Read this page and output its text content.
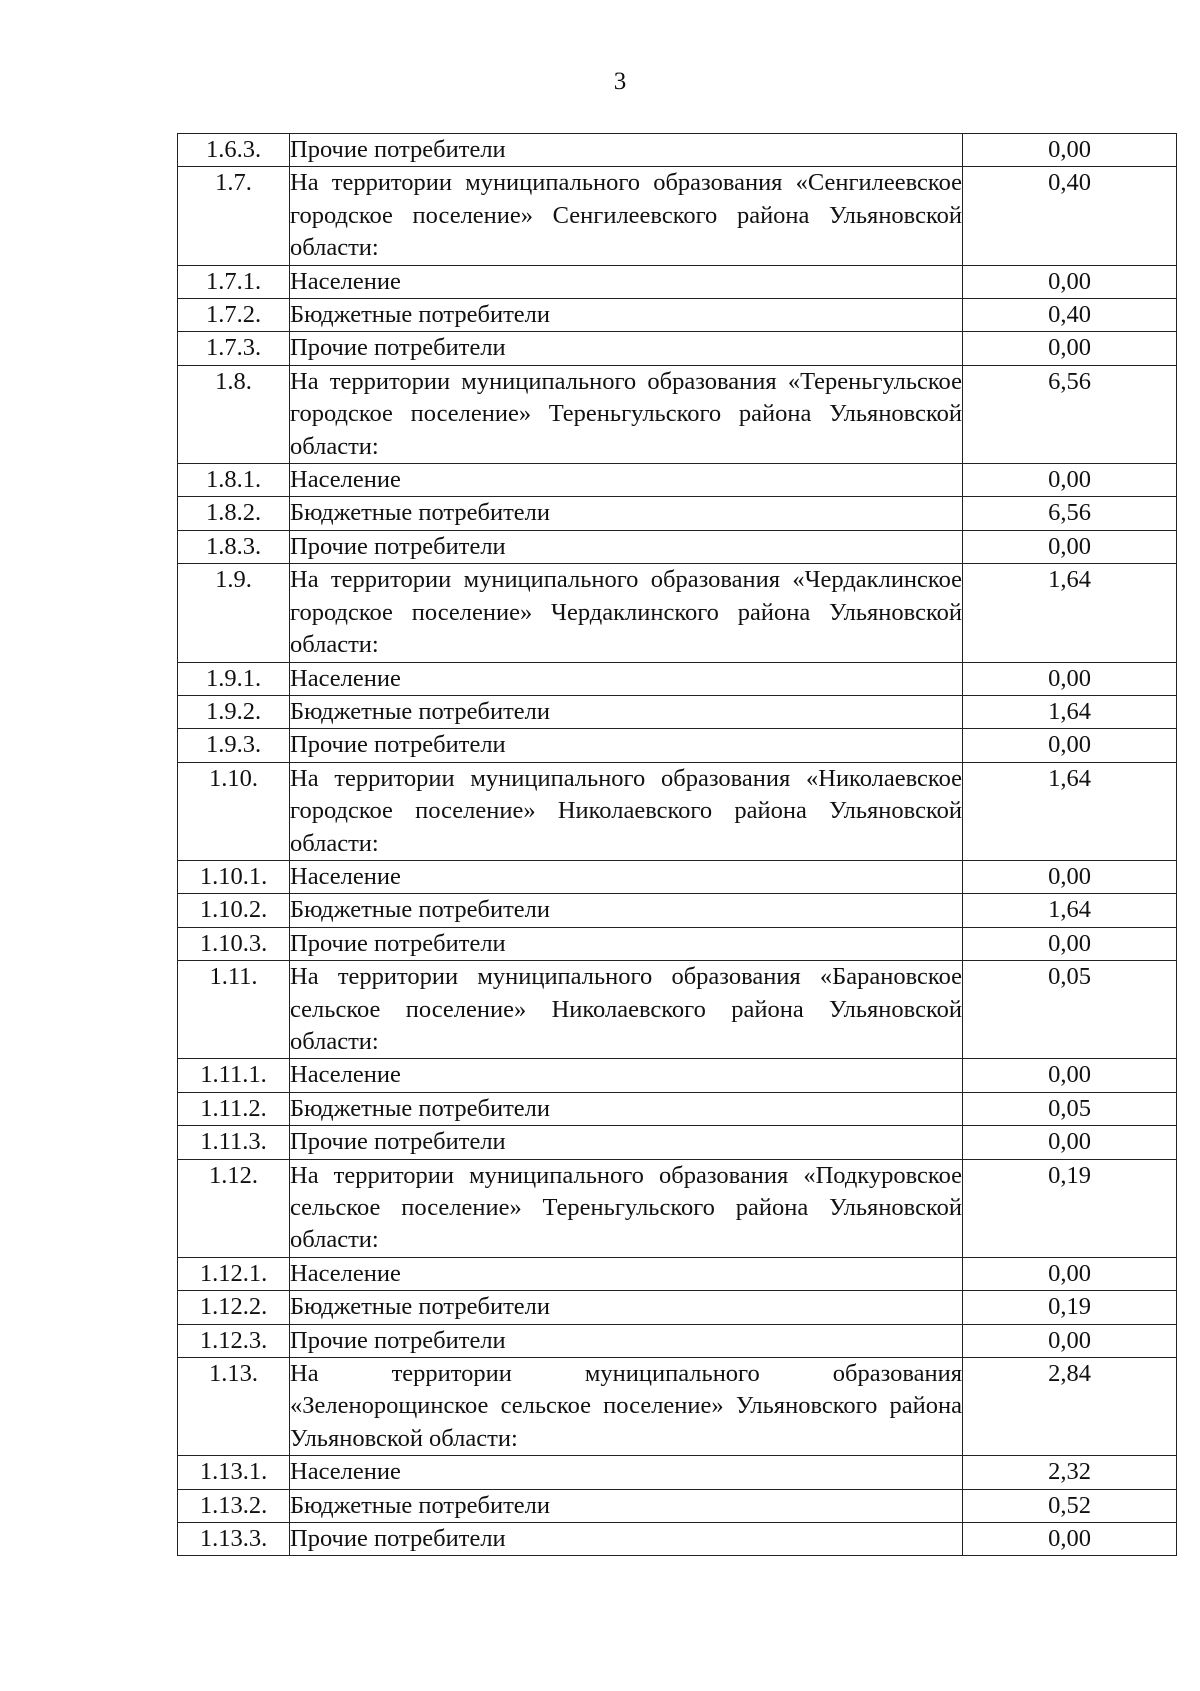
3
1.6.3.	Прочие потребители	0,00
1.7.	На территории муниципального образования «Сенгилеевское городское поселение» Сенгилеевского района Ульяновской области:	0,40
1.7.1.	Население	0,00
1.7.2.	Бюджетные потребители	0,40
1.7.3.	Прочие потребители	0,00
1.8.	На территории муниципального образования «Тереньгульское городское поселение» Тереньгульского района Ульяновской области:	6,56
1.8.1.	Население	0,00
1.8.2.	Бюджетные потребители	6,56
1.8.3.	Прочие потребители	0,00
1.9.	На территории муниципального образования «Чердаклинское городское поселение» Чердаклинского района Ульяновской области:	1,64
1.9.1.	Население	0,00
1.9.2.	Бюджетные потребители	1,64
1.9.3.	Прочие потребители	0,00
1.10.	На территории муниципального образования «Николаевское городское поселение» Николаевского района Ульяновской области:	1,64
1.10.1.	Население	0,00
1.10.2.	Бюджетные потребители	1,64
1.10.3.	Прочие потребители	0,00
1.11.	На территории муниципального образования «Барановское сельское поселение» Николаевского района Ульяновской области:	0,05
1.11.1.	Население	0,00
1.11.2.	Бюджетные потребители	0,05
1.11.3.	Прочие потребители	0,00
1.12.	На территории муниципального образования «Подкуровское сельское поселение» Тереньгульского района Ульяновской области:	0,19
1.12.1.	Население	0,00
1.12.2.	Бюджетные потребители	0,19
1.12.3.	Прочие потребители	0,00
1.13.	На территории муниципального образования «Зеленорощинское сельское поселение» Ульяновского района Ульяновской области:	2,84
1.13.1.	Население	2,32
1.13.2.	Бюджетные потребители	0,52
1.13.3.	Прочие потребители	0,00
